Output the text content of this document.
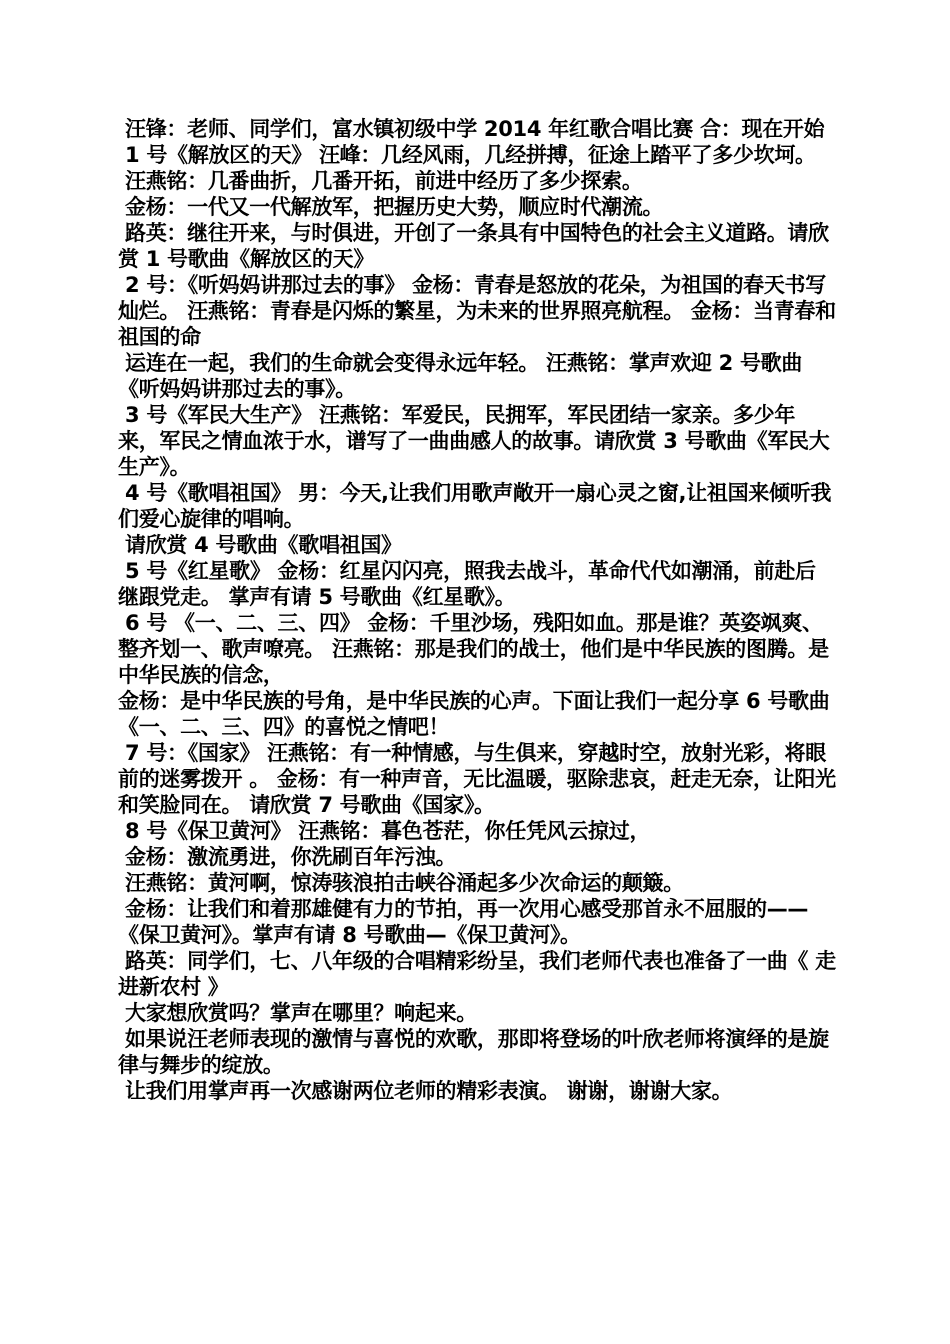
汪锋：老师、同学们，富水镇初级中学 2014 年红歌合唱比赛 合：现在开始

1 号《解放区的天》 汪峰：几经风雨，几经拼搏，征途上踏平了多少坎坷。

汪燕铭：几番曲折，几番开拓，前进中经历了多少探索。

金杨：一代又一代解放军，把握历史大势，顺应时代潮流。

路英：继往开来，与时俱进，开创了一条具有中国特色的社会主义道路。请欣赏 1 号歌曲《解放区的天》

2 号：《听妈妈讲那过去的事》 金杨：青春是怒放的花朵，为祖国的春天书写灿烂。 汪燕铭：青春是闪烁的繁星，为未来的世界照亮航程。 金杨：当青春和祖国的命

运连在一起，我们的生命就会变得永远年轻。 汪燕铭：掌声欢迎 2 号歌曲《听妈妈讲那过去的事》。

3 号《军民大生产》 汪燕铭：军爱民，民拥军，军民团结一家亲。多少年来，军民之情血浓于水，谱写了一曲曲感人的故事。请欣赏 3 号歌曲《军民大生产》。

4 号《歌唱祖国》 男：今天,让我们用歌声敞开一扇心灵之窗,让祖国来倾听我们爱心旋律的唱响。

请欣赏 4 号歌曲《歌唱祖国》

5 号《红星歌》 金杨：红星闪闪亮，照我去战斗，革命代代如潮涌，前赴后继跟党走。 掌声有请 5 号歌曲《红星歌》。

6 号 《一、二、三、四》 金杨：千里沙场，残阳如血。那是谁？英姿飒爽、整齐划一、歌声嘹亮。 汪燕铭：那是我们的战士，他们是中华民族的图腾。是中华民族的信念，

金杨：是中华民族的号角，是中华民族的心声。下面让我们一起分享 6 号歌曲《一、二、三、四》的喜悦之情吧！

7 号：《国家》 汪燕铭：有一种情感，与生俱来，穿越时空，放射光彩，将眼前的迷雾拨开 。 金杨：有一种声音，无比温暖，驱除悲哀，赶走无奈，让阳光和笑脸同在。 请欣赏 7 号歌曲《国家》。

8 号《保卫黄河》 汪燕铭：暮色苍茫，你任凭风云掠过，

金杨：激流勇进，你洗刷百年污浊。

汪燕铭：黄河啊，惊涛骇浪拍击峡谷涌起多少次命运的颠簸。

金杨：让我们和着那雄健有力的节拍，再一次用心感受那首永不屈服的——《保卫黄河》。掌声有请 8 号歌曲—《保卫黄河》。

路英：同学们，七、八年级的合唱精彩纷呈，我们老师代表也准备了一曲《 走进新农村 》

大家想欣赏吗？掌声在哪里？响起来。

如果说汪老师表现的激情与喜悦的欢歌，那即将登场的叶欣老师将演绎的是旋律与舞步的绽放。

让我们用掌声再一次感谢两位老师的精彩表演。 谢谢，谢谢大家。
